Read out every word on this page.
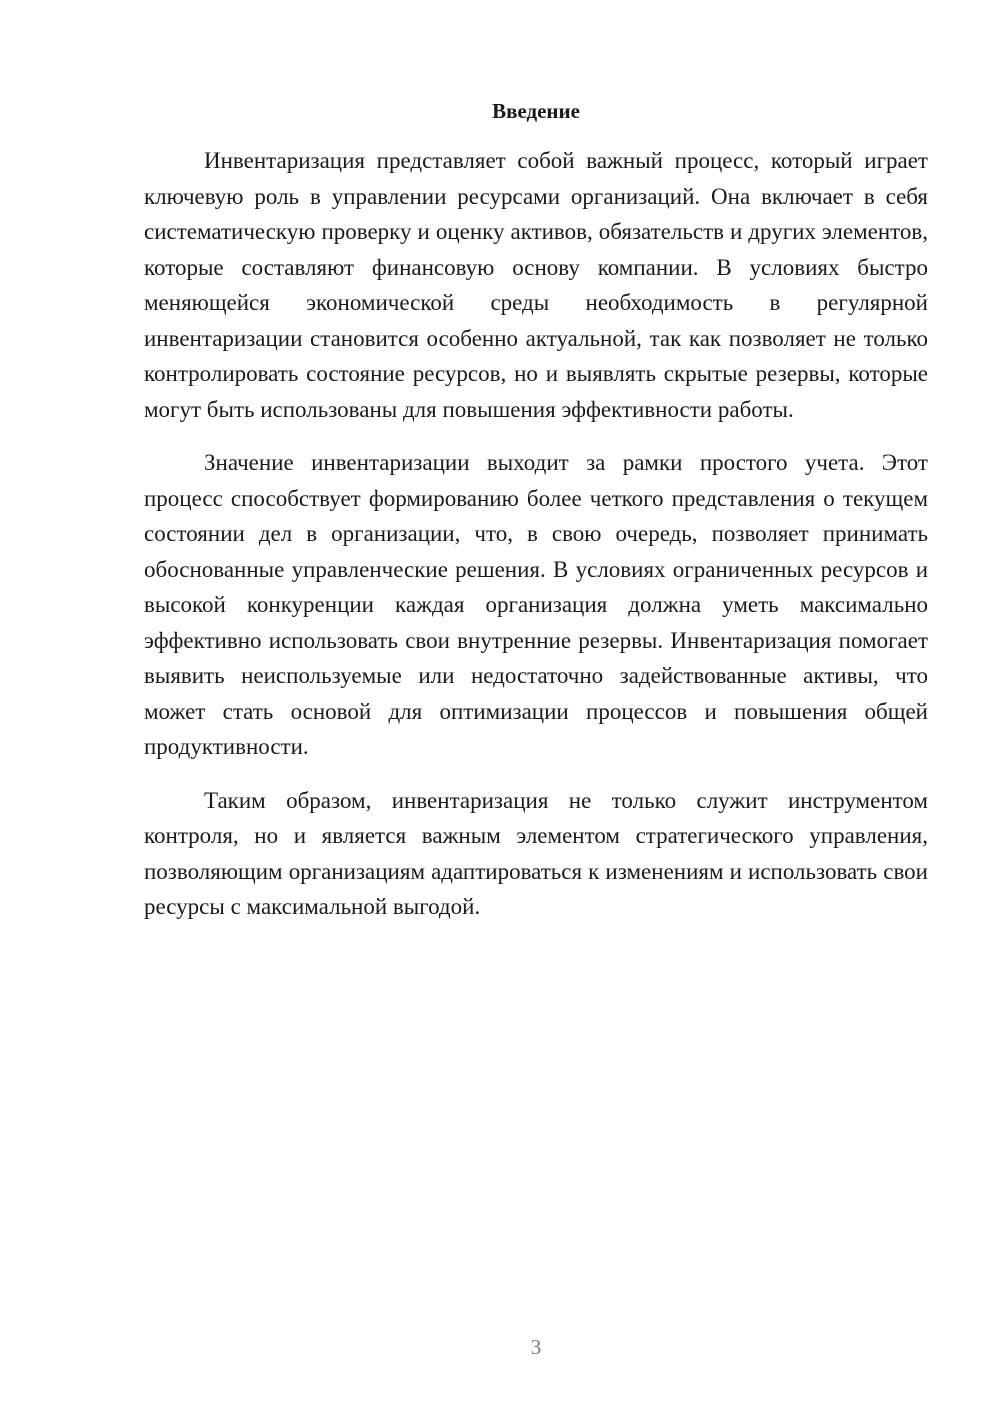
Введение

Инвентаризация представляет собой важный процесс, который играет ключевую роль в управлении ресурсами организаций. Она включает в себя систематическую проверку и оценку активов, обязательств и других элементов, которые составляют финансовую основу компании. В условиях быстро меняющейся экономической среды необходимость в регулярной инвентаризации становится особенно актуальной, так как позволяет не только контролировать состояние ресурсов, но и выявлять скрытые резервы, которые могут быть использованы для повышения эффективности работы.

Значение инвентаризации выходит за рамки простого учета. Этот процесс способствует формированию более четкого представления о текущем состоянии дел в организации, что, в свою очередь, позволяет принимать обоснованные управленческие решения. В условиях ограниченных ресурсов и высокой конкуренции каждая организация должна уметь максимально эффективно использовать свои внутренние резервы. Инвентаризация помогает выявить неиспользуемые или недостаточно задействованные активы, что может стать основой для оптимизации процессов и повышения общей продуктивности.

Таким образом, инвентаризация не только служит инструментом контроля, но и является важным элементом стратегического управления, позволяющим организациям адаптироваться к изменениям и использовать свои ресурсы с максимальной выгодой.

3
